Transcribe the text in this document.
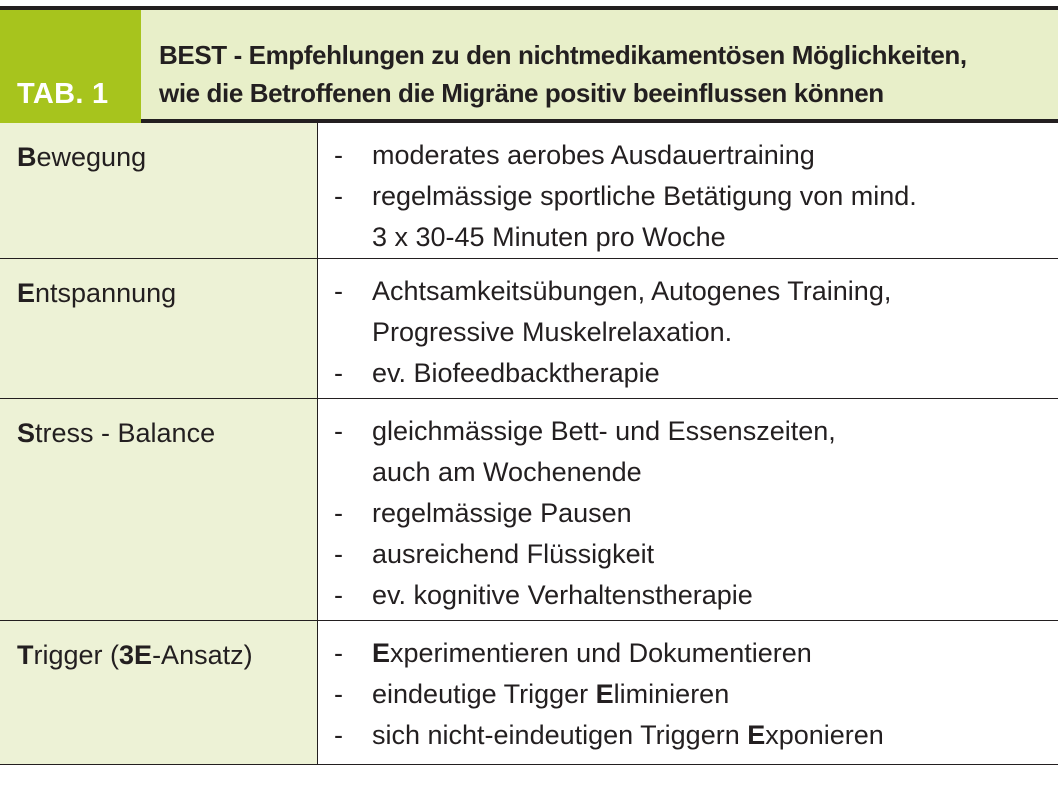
TAB. 1
BEST - Empfehlungen zu den nichtmedikamentösen Möglichkeiten,
wie die Betroffenen die Migräne positiv beeinflussen können
Bewegung	-	moderates aerobes Ausdauertraining
-	regelmässige sportliche Betätigung von mind.
3 x 30-45 Minuten pro Woche
Entspannung	-	Achtsamkeitsübungen, Autogenes Training,
Progressive Muskelrelaxation.
-	ev. Biofeedbacktherapie
Stress - Balance	-	gleichmässige Bett- und Essenszeiten,
auch am Wochenende
-	regelmässige Pausen
-	ausreichend Flüssigkeit
-	ev. kognitive Verhaltenstherapie
Trigger (3E-Ansatz)	-	Experimentieren und Dokumentieren
-	eindeutige Trigger Eliminieren
-	sich nicht-eindeutigen Triggern Exponieren
